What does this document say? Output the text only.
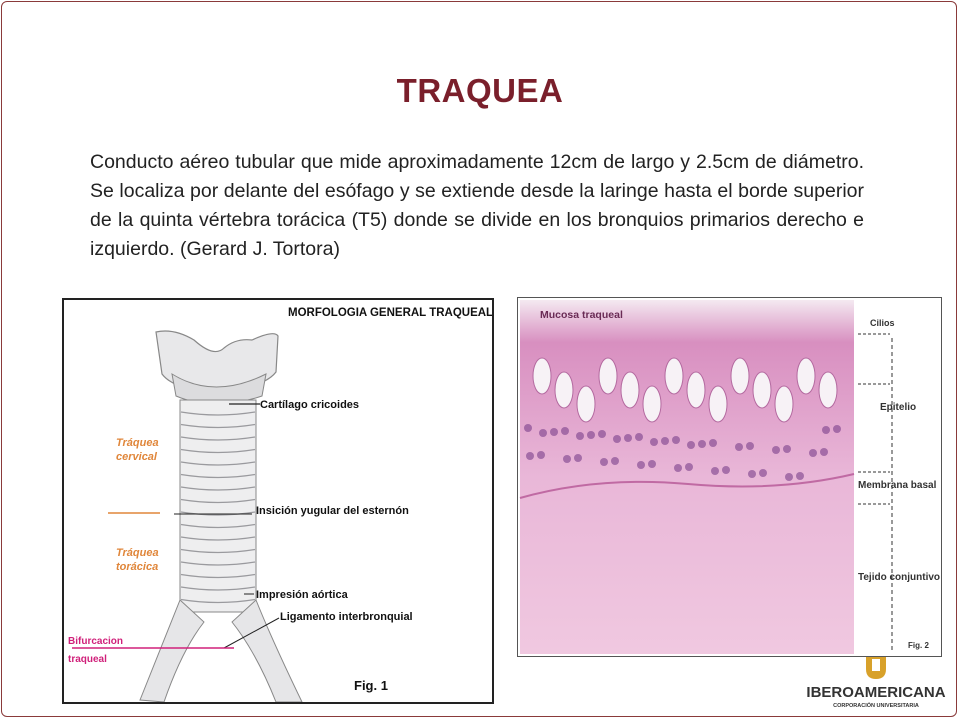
TRAQUEA
Conducto aéreo tubular que mide aproximadamente 12cm de largo y 2.5cm de diámetro. Se localiza por delante del esófago y se extiende desde la laringe hasta el borde superior de la quinta vértebra torácica (T5) donde se divide en los bronquios primarios derecho e izquierdo. (Gerard J. Tortora)
MORFOLOGIA GENERAL TRAQUEAL
Cartílago cricoides
Insición yugular del esternón
Impresión aórtica
Ligamento interbronquial
Tráquea
cervical
Tráquea
torácica
Bifurcacion
traqueal
Fig. 1
Mucosa traqueal
Cilios
Epitelio
Membrana basal
Tejido conjuntivo
Fig. 2
IBEROAMERICANA
CORPORACIÓN UNIVERSITARIA
